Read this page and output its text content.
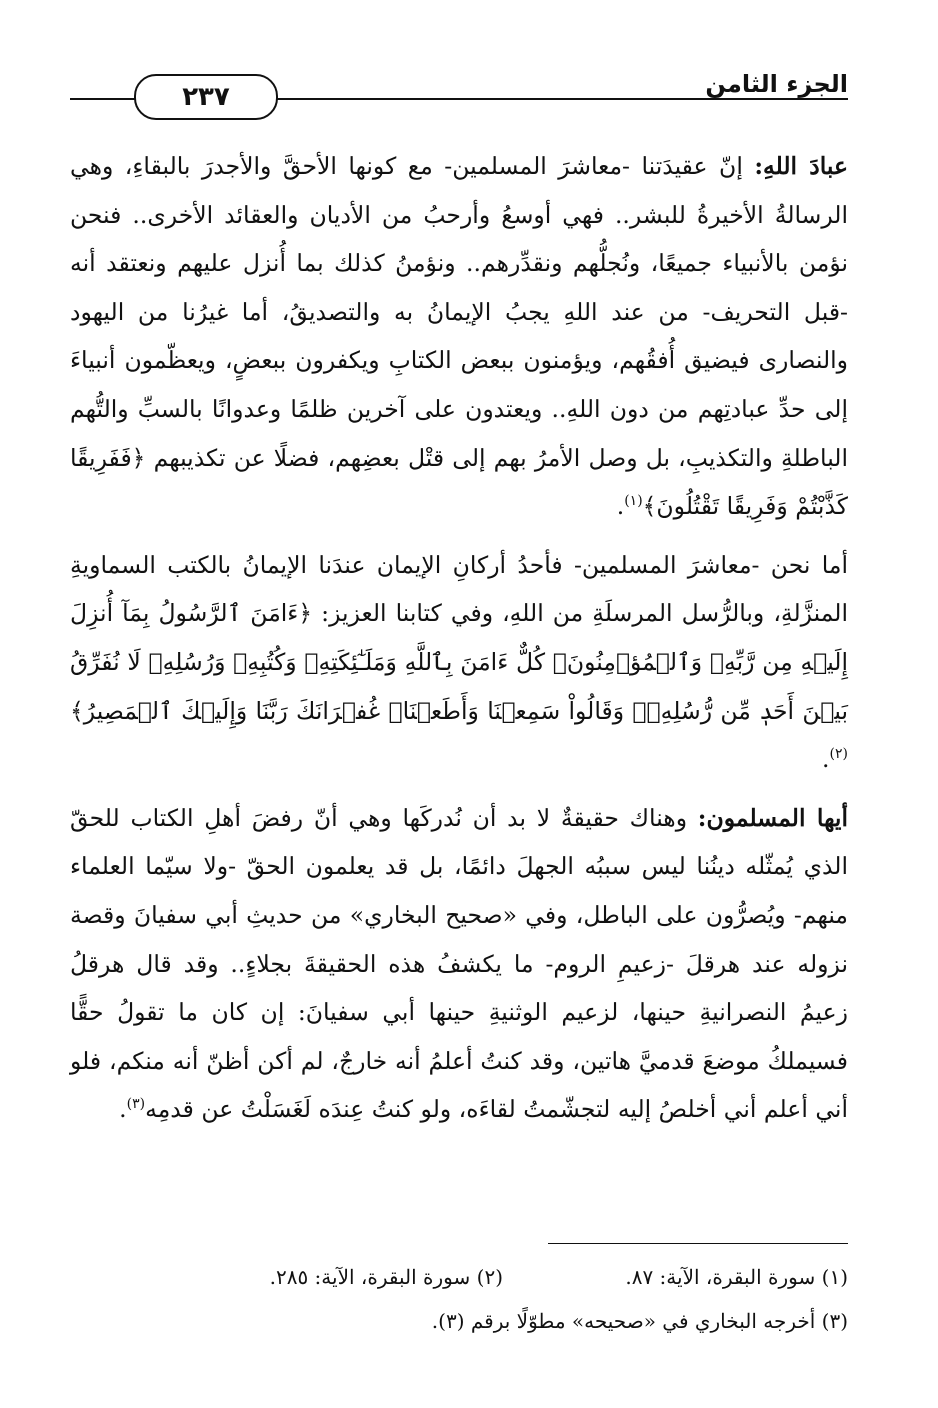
الجزء الثامن
٢٣٧

عبادَ اللهِ: إنّ عقيدَتنا -معاشرَ المسلمين- مع كونها الأحقَّ والأجدرَ بالبقاءِ، وهي الرسالةُ الأخيرةُ للبشر.. فهي أوسعُ وأرحبُ من الأديان والعقائد الأخرى.. فنحن نؤمن بالأنبياء جميعًا، ونُجلُّهم ونقدِّرهم.. ونؤمنُ كذلك بما أُنزل عليهم ونعتقد أنه -قبل التحريف- من عند اللهِ يجبُ الإيمانُ به والتصديقُ، أما غيرُنا من اليهود والنصارى فيضيق أُفقُهم، ويؤمنون ببعض الكتابِ ويكفرون ببعضٍ، ويعظّمون أنبياءَ إلى حدِّ عبادتِهم من دون اللهِ.. ويعتدون على آخرين ظلمًا وعدوانًا بالسبِّ والتُّهم الباطلةِ والتكذيبِ، بل وصل الأمرُ بهم إلى قتْل بعضِهم، فضلًا عن تكذيبهم ﴿فَفَرِيقًا كَذَّبْتُمْ وَفَرِيقًا تَقْتُلُونَ﴾$^{(١)}$.

أما نحن -معاشرَ المسلمين- فأحدُ أركانِ الإيمان عندَنا الإيمانُ بالكتب السماويةِ المنزَّلةِ، وبالرُّسل المرسلَةِ من اللهِ، وفي كتابنا العزيز: ﴿ءَامَنَ ٱلرَّسُولُ بِمَآ أُنزِلَ إِلَيۡهِ مِن رَّبِّهِۦ وَٱلۡمُؤۡمِنُونَۚ كُلٌّ ءَامَنَ بِٱللَّهِ وَمَلَـٰٓئِكَتِهِۦ وَكُتُبِهِۦ وَرُسُلِهِۦ لَا نُفَرِّقُ بَيۡنَ أَحَدٖ مِّن رُّسُلِهِۦۚ وَقَالُواْ سَمِعۡنَا وَأَطَعۡنَاۖ غُفۡرَانَكَ رَبَّنَا وَإِلَيۡكَ ٱلۡمَصِيرُ﴾$^{(٢)}$.

أيها المسلمون: وهناك حقيقةٌ لا بد أن نُدركَها وهي أنّ رفضَ أهلِ الكتاب للحقّ الذي يُمثّله دينُنا ليس سببُه الجهلَ دائمًا، بل قد يعلمون الحقّ -ولا سيّما العلماء منهم- ويُصرُّون على الباطل، وفي «صحيح البخاري» من حديثِ أبي سفيانَ وقصة نزوله عند هرقلَ -زعيمِ الروم- ما يكشفُ هذه الحقيقةَ بجلاءٍ.. وقد قال هرقلُ زعيمُ النصرانيةِ حينها، لزعيم الوثنيةِ حينها أبي سفيانَ: إن كان ما تقولُ حقًّا فسيملكُ موضعَ قدميَّ هاتين، وقد كنتُ أعلمُ أنه خارجٌ، لم أكن أظنّ أنه منكم، فلو أني أعلم أني أخلصُ إليه لتجشّمتُ لقاءَه، ولو كنتُ عِندَه لَغَسَلْتُ عن قدمِه$^{(٣)}$.

(١) سورة البقرة، الآية: ٨٧.
(٢) سورة البقرة، الآية: ٢٨٥.
(٣) أخرجه البخاري في «صحيحه» مطوّلًا برقم (٣).
